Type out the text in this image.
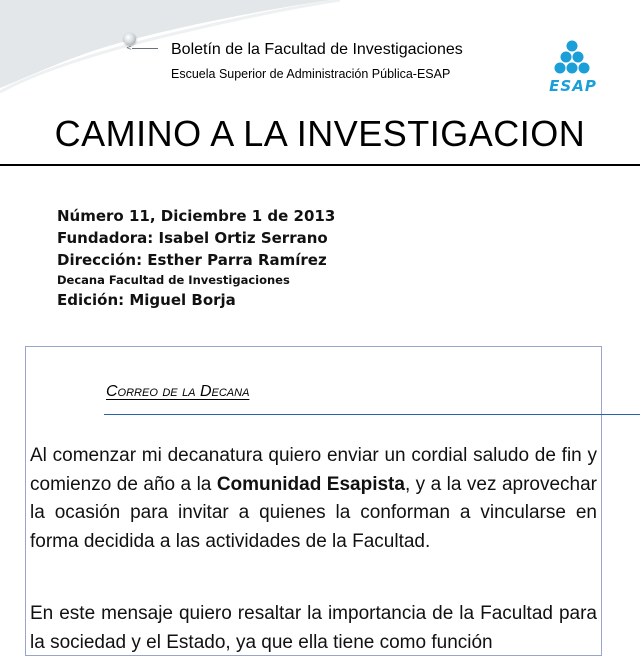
< Boletín de la Facultad de Investigaciones
Escuela Superior de Administración Pública-ESAP
ESAP
CAMINO A LA INVESTIGACION
Número 11, Diciembre 1 de 2013
Fundadora: Isabel Ortiz Serrano
Dirección: Esther Parra Ramírez
Decana Facultad de Investigaciones
Edición: Miguel Borja
Correo de la Decana
Al comenzar mi decanatura quiero enviar un cordial saludo de fin y comienzo de año a la Comunidad Esapista, y a la vez aprovechar la ocasión para invitar a quienes la conforman a vincularse en forma decidida a las actividades de la Facultad.
En este mensaje quiero resaltar la importancia de la Facultad para la sociedad y el Estado, ya que ella tiene como función
